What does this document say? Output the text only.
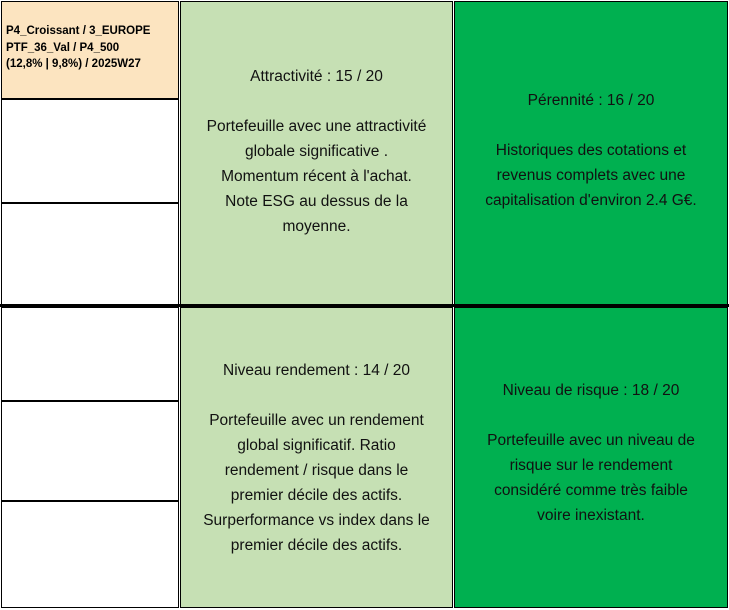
P4_Croissant / 3_EUROPE
PTF_36_Val / P4_500
(12,8% | 9,8%) / 2025W27
Attractivité : 15 / 20
Portefeuille avec une attractivité
globale significative .
Momentum récent à l'achat.
Note ESG au dessus de la
moyenne.
Pérennité : 16 / 20
Historiques des cotations et
revenus complets avec une
capitalisation d'environ 2.4 G€.
Niveau rendement : 14 / 20
Portefeuille avec un rendement
global significatif. Ratio
rendement / risque dans le
premier décile des actifs.
Surperformance vs index dans le
premier décile des actifs.
Niveau de risque : 18 / 20
Portefeuille avec un niveau de
risque sur le rendement
considéré comme très faible
voire inexistant.
